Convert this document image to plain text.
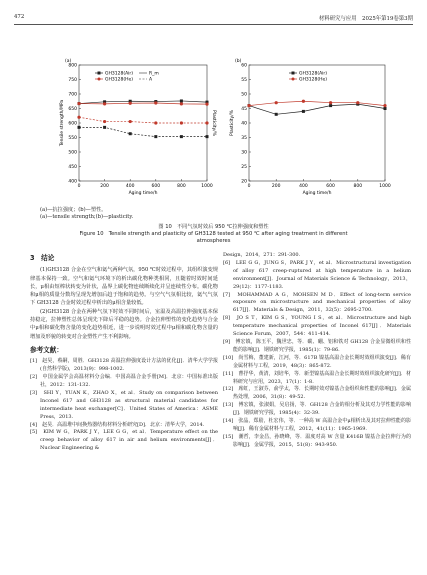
472	材料研究与应用　2025年第19卷第3期
400
450
500
550
600
650
700
750
800
0	200	400	600	800	1000
Aging time/h
Tensile strength/MPa	Plasticity/%
(a)
GH3128(Air)
GH3128(He)
R_m
A
20
25
30
35
40
45
50
55
60
0	200	400	600	800	1000
Aging time/h
Plasticity/%
(b)
GH3128(Air)
GH3128(He)
(a)—抗拉强度；(b)—塑性。
(a)—tensile strength;(b)—plasticity.
图 10　不同气氛时效后 950 ℃拉伸强度和塑性
Figure 10　Tensile strength and plasticity of GH3128 tested at 950 ℃ after aging treatment in different
atmospheres
3　结论

(1)GH3128 合金在空气和氦气两种气氛，950 ℃时效过程中，其组织演变规律基本保持一致。空气和氦气环境下的析出碳化物种类相同，且随着时效时间延长，μ相由短棒状转变为针状，晶界上碳化物连续断续化并呈连续性分布。碳化物和μ相的质量分数均呈现先增加后趋于饱和的趋势。与空气气氛相比较，氦气气氛下 GH3128 合金时效过程中析出的μ相含量较低。

(2)GH3128 合金在两种气氛下时效不同时间后，室温及高温拉伸强度基本保持稳定，拉伸塑性总体呈现先下降后平稳的趋势。合金拉伸塑性的变化趋势与合金中μ相和碳化物含量的变化趋势相近，进一步说明时效过程中μ相和碳化物含量的增加及形貌的转变对合金塑性产生不利影响。

参考文献：
[1]　赵昊，蔡嗣，周胜．GH3128 高温拉伸强度设计方法的优化[J]．清华大学学报(自然科学版)，2013(9)：998-1002.
[2]　中国金属学会高温材料分会编．中国高温合金手册[M]．北京：中国标准出版社，2012：131-132.
[3]　SHI Y，YUAN K，ZHAO X，et al．Study on comparison between Inconel 617 and GH3128 as structural material candidates for intermediate heat exchanger[C]．United States of America：ASME Press，2013.
[4]　赵昊．高温堆中间换热器结构材料分析研究[D]．北京：清华大学，2014.
[5]　KIM W G，PARK J Y，LEE G G，et al．Temperature effect on the creep behavior of alloy 617 in air and helium environments[J]．Nuclear Engineering &
Design，2014，271：291-300.
[6]　LEE G G，JUNG S，PARK J Y，et al．Microstructural investigation of alloy 617 creep-ruptured at high temperature in a helium environment[J]．Journal of Materials Science & Technology，2013，29(12)：1177-1183.
[7]　MOHAMMAD A G，MOHSEN M D．Effect of long-term service exposure on microstructure and mechanical properties of alloy 617[J]．Materials & Design，2011，32(5)：2695-2700.
[8]　JO S T，KIM G S，YOUNG I S，et al．Microstructure and high temperature mechanical properties of Inconel 617[J]．Materials Science Forum，2007，544：411-414.
[9]　傅宏镇，陈玉平，魏世忠，等．碳、硼、铝和铁对 GH128 合金显微组织和性能的影响[J]．钢铁研究学报，1985(1)：79-86.
[10]　尚雪梅，董建新，江河，等．617B 镍基高温合金长期时效组织演变[J]．稀有金属材料与工程，2019，48(3)：865-872.
[11]　曹抒华，黄清，刘培华，等．新型镍基高温合金长期时效组织演化研究[J]．材料研究与应用，2023，17(1)：1-8.
[12]　席虹，王淑芬，俞学太，等．长期时效对镍基合金组织和性能的影响[J]．金属热处理，2006，31(8)：49-52.
[13]　傅宏镇，张淑娟，吴启扬，等．GH128 合金的相分析及其对力学性能的影响[J]．钢铁研究学报，1985(4)：32-39.
[14]　张晶，郑励，杜宏伟，等．一种高 W 高温合金中μ相析出及其对拉伸性能的影响[J]．稀有金属材料与工程，2012，41(11)：1965-1969.
[15]　潮哲，李金昌，孙晓峰，等．温度对高 W 含量 K416B 镍基合金拉伸行为的影响[J]．金属学报，2015，51(8)：943-950.
